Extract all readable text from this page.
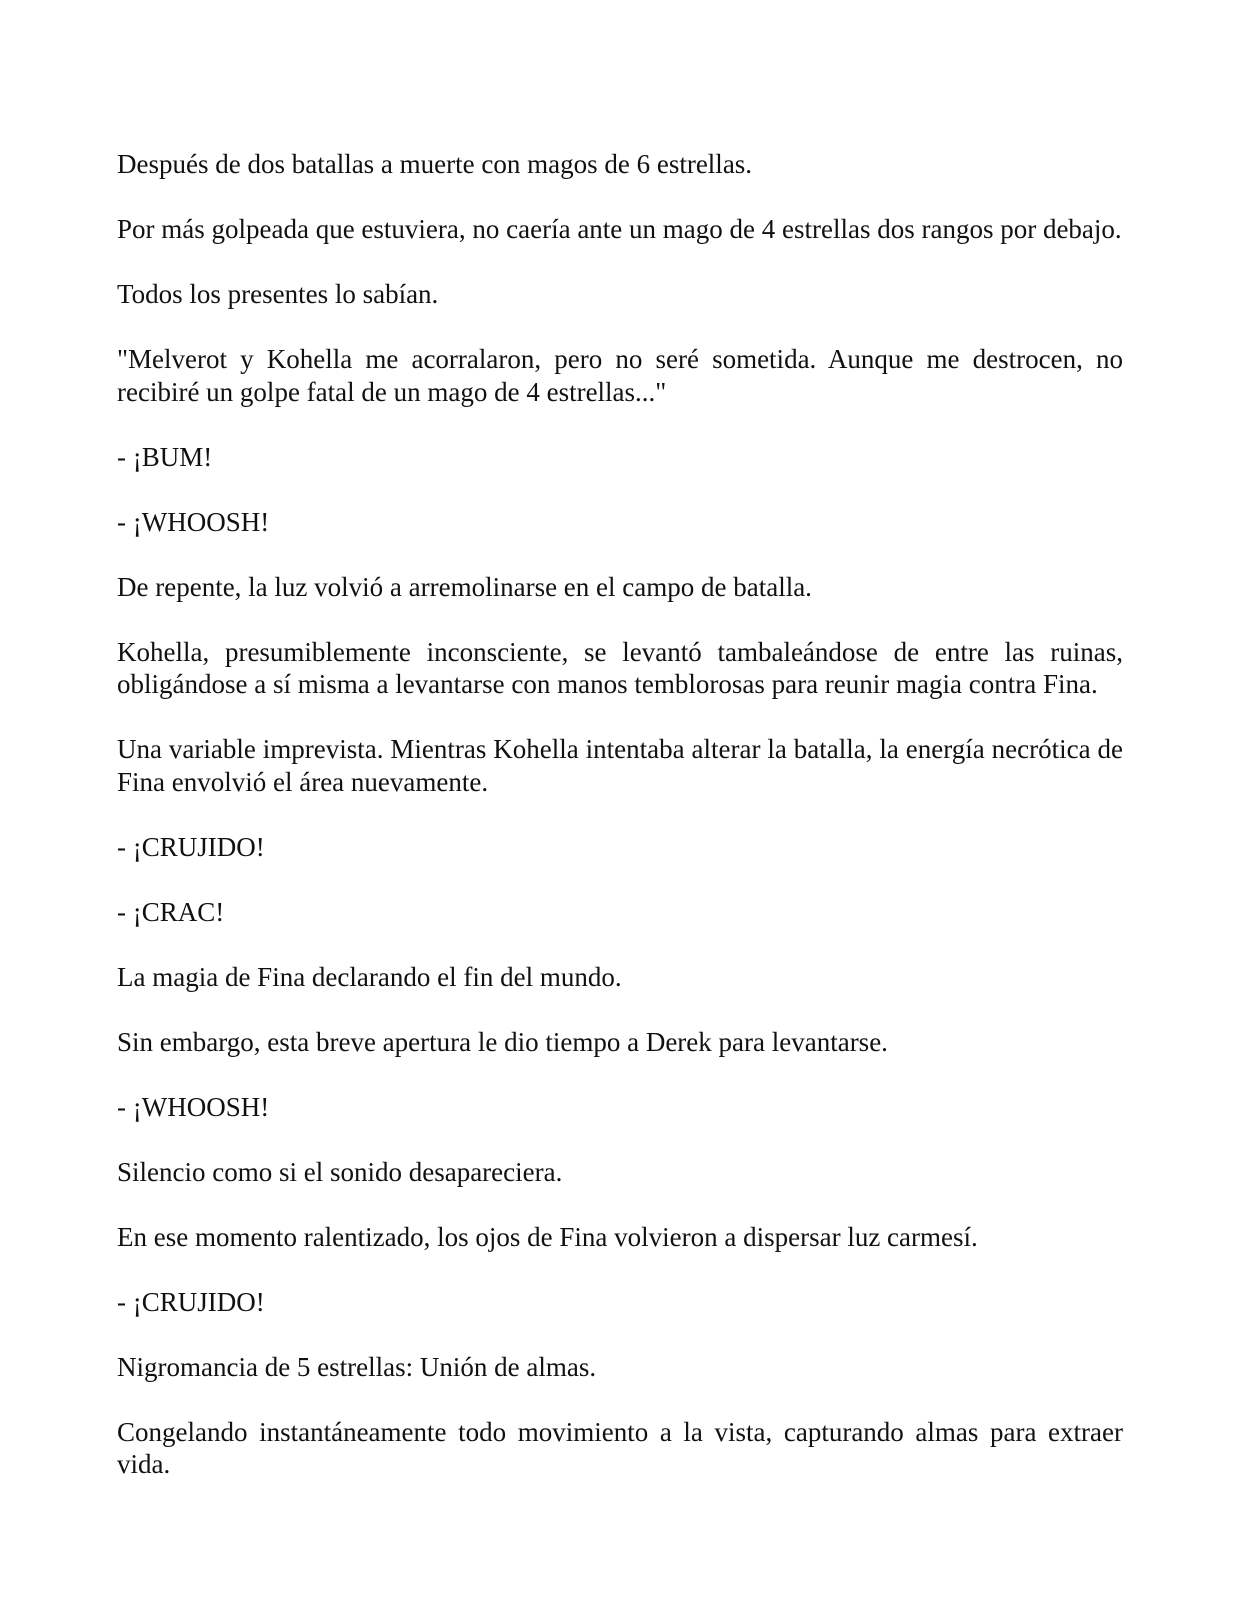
Después de dos batallas a muerte con magos de 6 estrellas.

Por más golpeada que estuviera, no caería ante un mago de 4 estrellas dos rangos por debajo.

Todos los presentes lo sabían.

"Melverot y Kohella me acorralaron, pero no seré sometida. Aunque me destrocen, no recibiré un golpe fatal de un mago de 4 estrellas..."

- ¡BUM!

- ¡WHOOSH!

De repente, la luz volvió a arremolinarse en el campo de batalla.

Kohella, presumiblemente inconsciente, se levantó tambaleándose de entre las ruinas, obligándose a sí misma a levantarse con manos temblorosas para reunir magia contra Fina.

Una variable imprevista. Mientras Kohella intentaba alterar la batalla, la energía necrótica de Fina envolvió el área nuevamente.

- ¡CRUJIDO!

- ¡CRAC!

La magia de Fina declarando el fin del mundo.

Sin embargo, esta breve apertura le dio tiempo a Derek para levantarse.

- ¡WHOOSH!

Silencio como si el sonido desapareciera.

En ese momento ralentizado, los ojos de Fina volvieron a dispersar luz carmesí.

- ¡CRUJIDO!

Nigromancia de 5 estrellas: Unión de almas.

Congelando instantáneamente todo movimiento a la vista, capturando almas para extraer vida.
